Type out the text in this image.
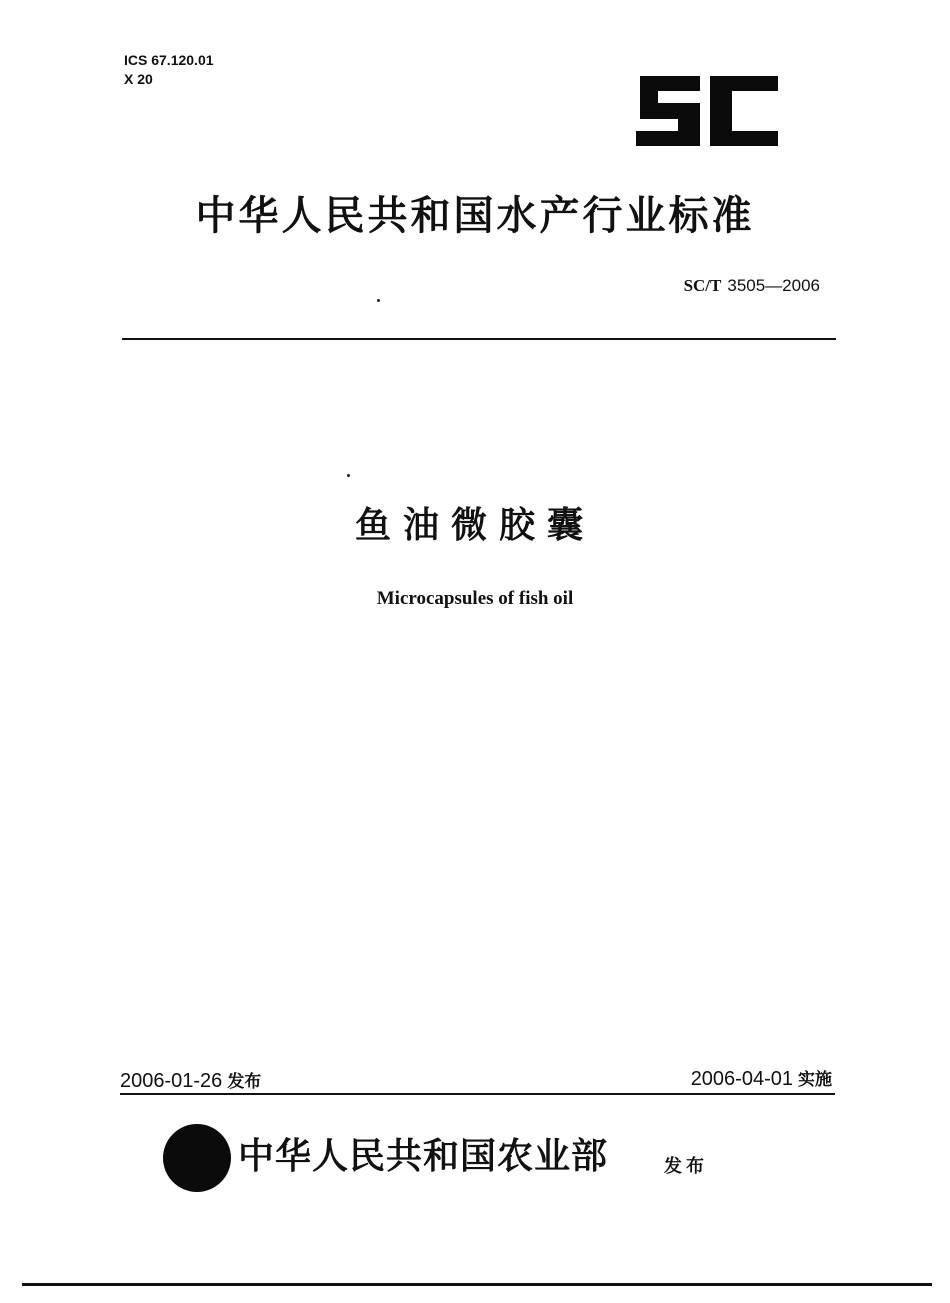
ICS 67.120.01
X 20
中华人民共和国水产行业标准
SC/T 3505—2006
鱼油微胶囊
Microcapsules of fish oil
2006-01-26 发布	2006-04-01 实施
中华人民共和国农业部	发布
